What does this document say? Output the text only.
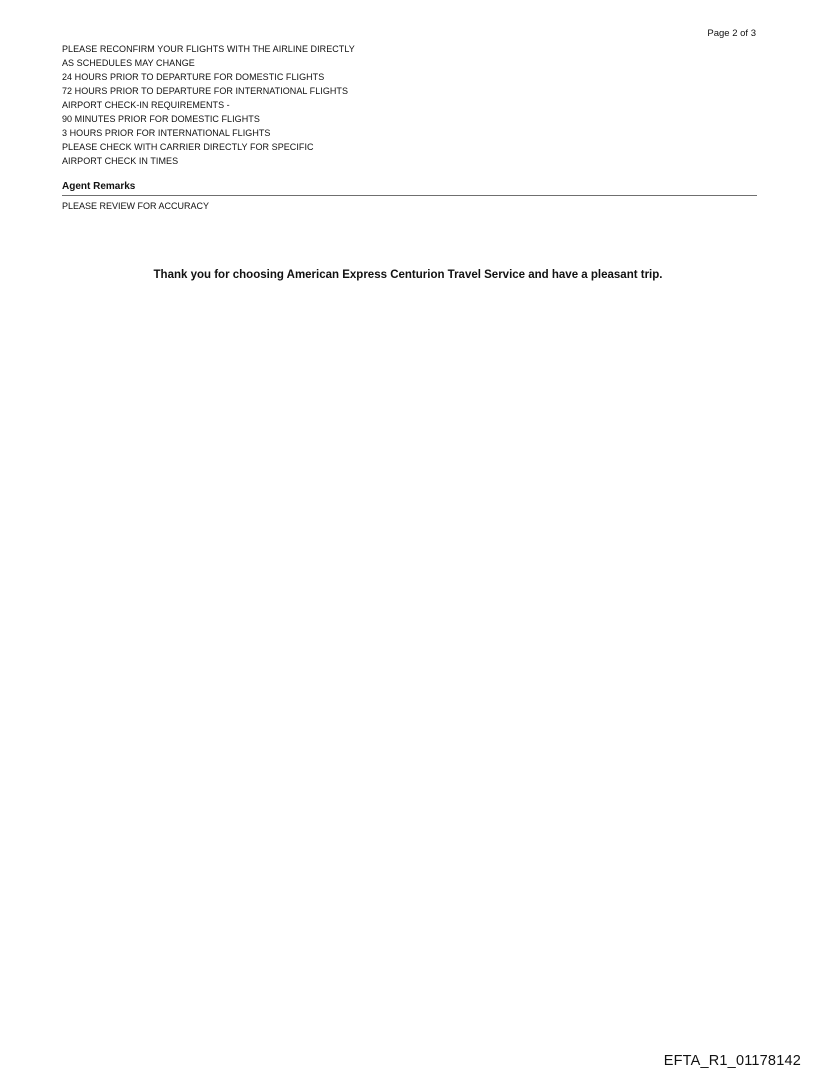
Page 2 of 3
PLEASE RECONFIRM YOUR FLIGHTS WITH THE AIRLINE DIRECTLY
AS SCHEDULES MAY CHANGE
24 HOURS PRIOR TO DEPARTURE FOR DOMESTIC FLIGHTS
72 HOURS PRIOR TO DEPARTURE FOR INTERNATIONAL FLIGHTS
AIRPORT CHECK-IN REQUIREMENTS -
90 MINUTES PRIOR FOR DOMESTIC FLIGHTS
3 HOURS PRIOR FOR INTERNATIONAL FLIGHTS
PLEASE CHECK WITH CARRIER DIRECTLY FOR SPECIFIC
AIRPORT CHECK IN TIMES
Agent Remarks
PLEASE REVIEW FOR ACCURACY
Thank you for choosing American Express Centurion Travel Service and have a pleasant trip.
EFTA_R1_01178142
